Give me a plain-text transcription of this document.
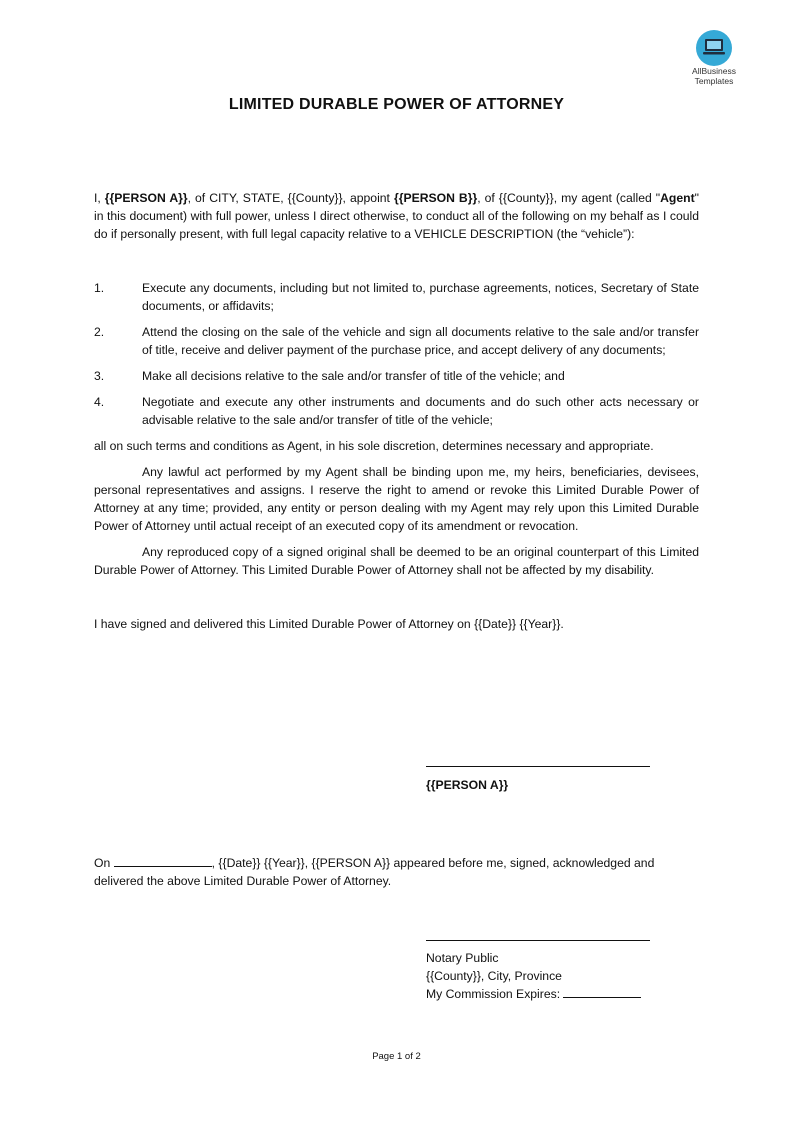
AllBusiness
Templates
LIMITED DURABLE POWER OF ATTORNEY

I, {{PERSON A}}, of CITY, STATE, {{County}}, appoint {{PERSON B}}, of {{County}}, my agent (called "Agent" in this document) with full power, unless I direct otherwise, to conduct all of the following on my behalf as I could do if personally present, with full legal capacity relative to a VEHICLE DESCRIPTION (the “vehicle”):

1.	Execute any documents, including but not limited to, purchase agreements, notices, Secretary of State documents, or affidavits;
2.	Attend the closing on the sale of the vehicle and sign all documents relative to the sale and/or transfer of title, receive and deliver payment of the purchase price, and accept delivery of any documents;
3.	Make all decisions relative to the sale and/or transfer of title of the vehicle; and
4.	Negotiate and execute any other instruments and documents and do such other acts necessary or advisable relative to the sale and/or transfer of title of the vehicle;

all on such terms and conditions as Agent, in his sole discretion, determines necessary and appropriate.

Any lawful act performed by my Agent shall be binding upon me, my heirs, beneficiaries, devisees, personal representatives and assigns. I reserve the right to amend or revoke this Limited Durable Power of Attorney at any time; provided, any entity or person dealing with my Agent may rely upon this Limited Durable Power of Attorney until actual receipt of an executed copy of its amendment or revocation.

Any reproduced copy of a signed original shall be deemed to be an original counterpart of this Limited Durable Power of Attorney. This Limited Durable Power of Attorney shall not be affected by my disability.

I have signed and delivered this Limited Durable Power of Attorney on {{Date}} {{Year}}.

{{PERSON A}}
On	, {{Date}} {{Year}}, {{PERSON A}} appeared before me, signed, acknowledged and delivered the above Limited Durable Power of Attorney.
Notary Public
{{County}}, City, Province
My Commission Expires:
Page 1 of 2
